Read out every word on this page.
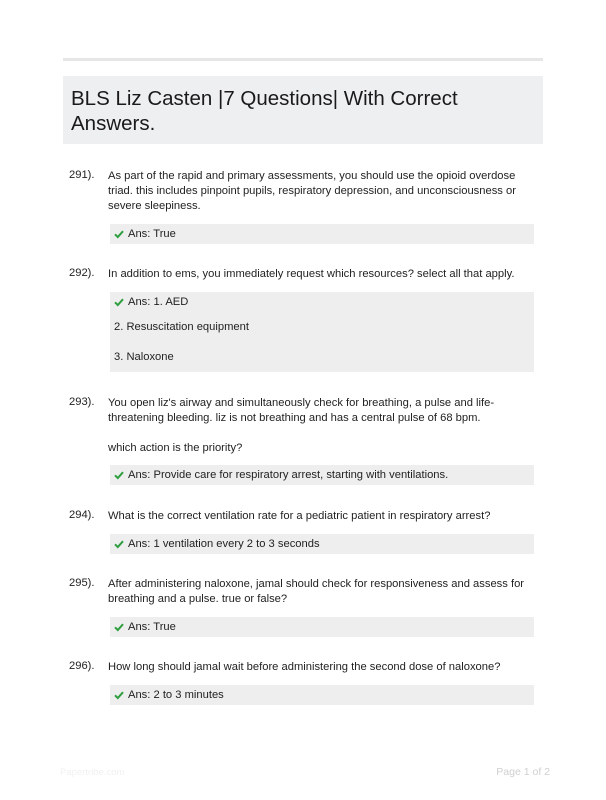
BLS Liz Casten |7 Questions| With Correct Answers.
291). As part of the rapid and primary assessments, you should use the opioid overdose triad. this includes pinpoint pupils, respiratory depression, and unconsciousness or severe sleepiness.

Ans: True
292). In addition to ems, you immediately request which resources? select all that apply.

Ans: 1. AED
2. Resuscitation equipment
3. Naloxone
293). You open liz's airway and simultaneously check for breathing, a pulse and life-threatening bleeding. liz is not breathing and has a central pulse of 68 bpm.

which action is the priority?

Ans: Provide care for respiratory arrest, starting with ventilations.
294). What is the correct ventilation rate for a pediatric patient in respiratory arrest?

Ans: 1 ventilation every 2 to 3 seconds
295). After administering naloxone, jamal should check for responsiveness and assess for breathing and a pulse. true or false?

Ans: True
296). How long should jamal wait before administering the second dose of naloxone?

Ans: 2 to 3 minutes
Papertribe.com	Page 1 of 2
